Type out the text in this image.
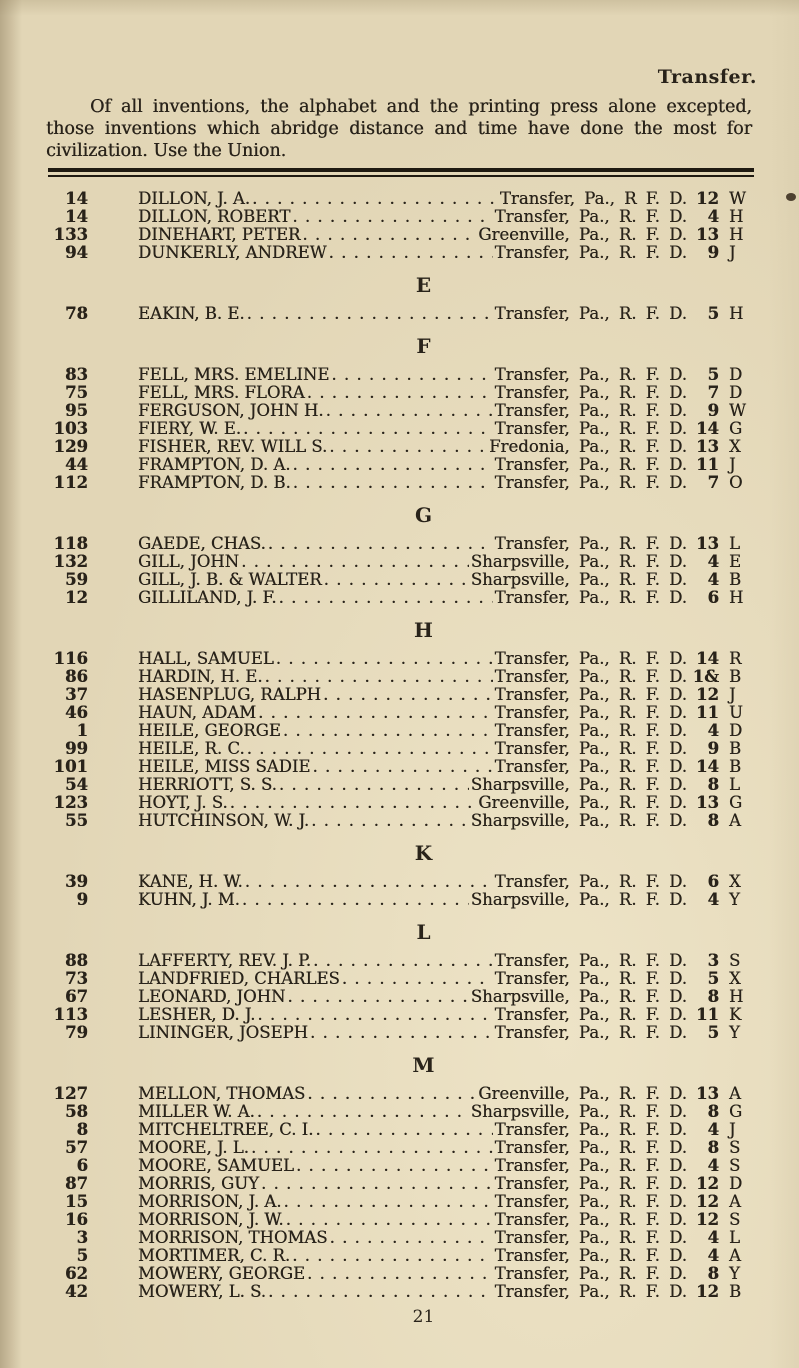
Transfer.
Of all inventions, the alphabet and the printing press alone excepted, those inventions which abridge distance and time have done the most for civilization. Use the Union.
14	DILLON, J. A. . . .	Transfer, Pa., R F. D. 12 W
14	DILLON, ROBERT . . .	Transfer, Pa., R. F. D.	4 H
133	DINEHART, PETER . . .	Greenville, Pa., R. F. D. 13 H
94	DUNKERLY, ANDREW . . .	Transfer, Pa., R. F. D.	9 J
E
78	EAKIN, B. E. . . .	Transfer, Pa., R. F. D.	5 H
F
83	FELL, MRS. EMELINE . . .	Transfer, Pa., R. F. D.	5 D
75	FELL, MRS. FLORA . . .	Transfer, Pa., R. F. D.	7 D
95	FERGUSON, JOHN H. . . .	Transfer, Pa., R. F. D.	9 W
103	FIERY, W. E. . . .	Transfer, Pa., R. F. D. 14 G
129	FISHER, REV. WILL S. . . .	Fredonia, Pa., R. F. D. 13 X
44	FRAMPTON, D. A. . . .	Transfer, Pa., R. F. D. 11 J
112	FRAMPTON, D. B. . . .	Transfer, Pa., R. F. D.	7 O
G
118	GAEDE, CHAS. . . .	Transfer, Pa., R. F. D. 13 L
132	GILL, JOHN . . .	Sharpsville, Pa., R. F. D.	4 E
59	GILL, J. B. & WALTER . . .	Sharpsville, Pa., R. F. D.	4 B
12	GILLILAND, J. F. . . .	Transfer, Pa., R. F. D.	6 H
H
116	HALL, SAMUEL . . .	Transfer, Pa., R. F. D. 14 R
86	HARDIN, H. E. . . .	Transfer, Pa., R. F. D. 1& B
37	HASENPLUG, RALPH . . .	Transfer, Pa., R. F. D. 12 J
46	HAUN, ADAM . . .	Transfer, Pa., R. F. D. 11 U
1	HEILE, GEORGE . . .	Transfer, Pa., R. F. D.	4 D
99	HEILE, R. C. . . .	Transfer, Pa., R. F. D.	9 B
101	HEILE, MISS SADIE . . .	Transfer, Pa., R. F. D. 14 B
54	HERRIOTT, S. S. . . .	Sharpsville, Pa., R. F. D.	8 L
123	HOYT, J. S. . . .	Greenville, Pa., R. F. D. 13 G
55	HUTCHINSON, W. J. . . .	Sharpsville, Pa., R. F. D.	8 A
K
39	KANE, H. W. . . .	Transfer, Pa., R. F. D.	6 X
9	KUHN, J. M. . . .	Sharpsville, Pa., R. F. D.	4 Y
L
88	LAFFERTY, REV. J. P. . . .	Transfer, Pa., R. F. D.	3 S
73	LANDFRIED, CHARLES . . .	Transfer, Pa., R. F. D.	5 X
67	LEONARD, JOHN . . .	Sharpsville, Pa., R. F. D.	8 H
113	LESHER, D. J. . . .	Transfer, Pa., R. F. D. 11 K
79	LININGER, JOSEPH . . .	Transfer, Pa., R. F. D.	5 Y
M
127	MELLON, THOMAS . . .	Greenville, Pa., R. F. D. 13 A
58	MILLER W. A. . . .	Sharpsville, Pa., R. F. D.	8 G
8	MITCHELTREE, C. I. . . .	Transfer, Pa., R. F. D.	4 J
57	MOORE, J. L. . . .	Transfer, Pa., R. F. D.	8 S
6	MOORE, SAMUEL . . .	Transfer, Pa., R. F. D.	4 S
87	MORRIS, GUY . . .	Transfer, Pa., R. F. D. 12 D
15	MORRISON, J. A. . . .	Transfer, Pa., R. F. D. 12 A
16	MORRISON, J. W. . . .	Transfer, Pa., R. F. D. 12 S
3	MORRISON, THOMAS . . .	Transfer, Pa., R. F. D.	4 L
5	MORTIMER, C. R. . . .	Transfer, Pa., R. F. D.	4 A
62	MOWERY, GEORGE . . .	Transfer, Pa., R. F. D.	8 Y
42	MOWERY, L. S. . . .	Transfer, Pa., R. F. D. 12 B
21
